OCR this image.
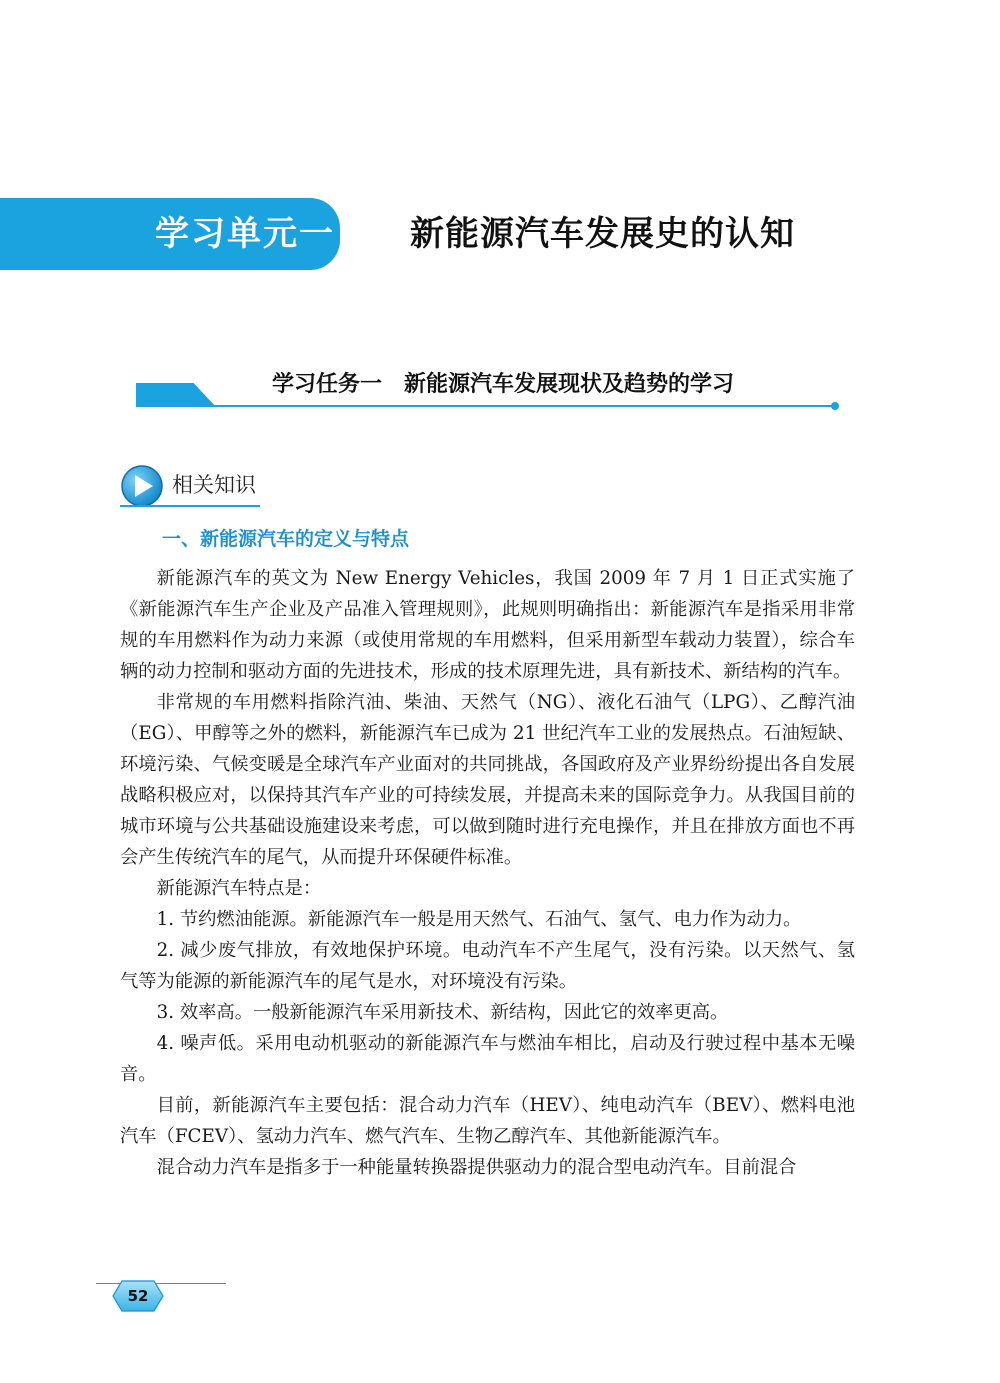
学习单元一 新能源汽车发展史的认知
学习任务一　新能源汽车发展现状及趋势的学习
相关知识
一、新能源汽车的定义与特点

新能源汽车的英文为 New Energy Vehicles，我国 2009 年 7 月 1 日正式实施了《新能源汽车生产企业及产品准入管理规则》，此规则明确指出：新能源汽车是指采用非常规的车用燃料作为动力来源（或使用常规的车用燃料，但采用新型车载动力装置），综合车辆的动力控制和驱动方面的先进技术，形成的技术原理先进，具有新技术、新结构的汽车。

非常规的车用燃料指除汽油、柴油、天然气（NG）、液化石油气（LPG）、乙醇汽油（EG）、甲醇等之外的燃料，新能源汽车已成为 21 世纪汽车工业的发展热点。石油短缺、环境污染、气候变暖是全球汽车产业面对的共同挑战，各国政府及产业界纷纷提出各自发展战略积极应对，以保持其汽车产业的可持续发展，并提高未来的国际竞争力。从我国目前的城市环境与公共基础设施建设来考虑，可以做到随时进行充电操作，并且在排放方面也不再会产生传统汽车的尾气，从而提升环保硬件标准。

新能源汽车特点是：

1. 节约燃油能源。新能源汽车一般是用天然气、石油气、氢气、电力作为动力。

2. 减少废气排放，有效地保护环境。电动汽车不产生尾气，没有污染。以天然气、氢气等为能源的新能源汽车的尾气是水，对环境没有污染。

3. 效率高。一般新能源汽车采用新技术、新结构，因此它的效率更高。

4. 噪声低。采用电动机驱动的新能源汽车与燃油车相比，启动及行驶过程中基本无噪音。

目前，新能源汽车主要包括：混合动力汽车（HEV）、纯电动汽车（BEV）、燃料电池汽车（FCEV）、氢动力汽车、燃气汽车、生物乙醇汽车、其他新能源汽车。

混合动力汽车是指多于一种能量转换器提供驱动力的混合型电动汽车。目前混合

52
